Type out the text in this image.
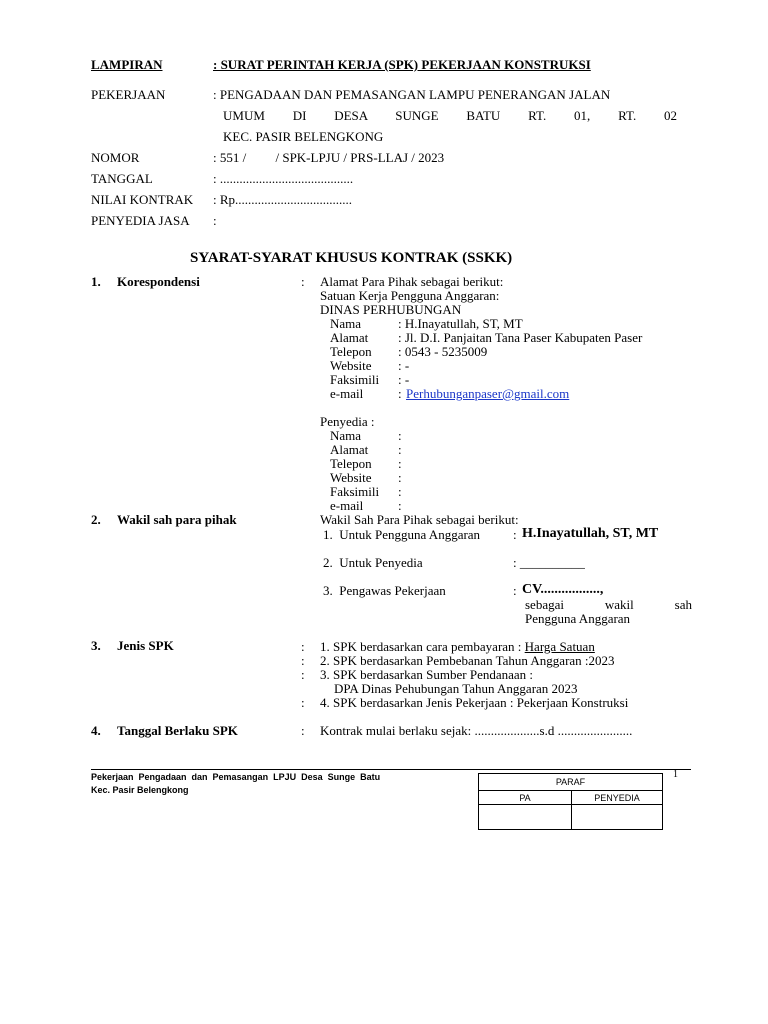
LAMPIRAN	: SURAT PERINTAH KERJA (SPK) PEKERJAAN KONSTRUKSI
PEKERJAAN	: PENGADAAN DAN PEMASANGAN LAMPU PENERANGAN JALAN
UMUM DI DESA SUNGE BATU RT. 01, RT. 02
KEC. PASIR BELENGKONG
NOMOR	: 551 /         / SPK-LPJU / PRS-LLAJ / 2023
TANGGAL	: .........................................
NILAI KONTRAK : Rp....................................
PENYEDIA JASA :
SYARAT-SYARAT KHUSUS KONTRAK (SSKK)
1. Korespondensi	: Alamat Para Pihak sebagai berikut:
Satuan Kerja Pengguna Anggaran:
DINAS PERHUBUNGAN
Nama	: H.Inayatullah, ST, MT
Alamat : Jl. D.I. Panjaitan Tana Paser Kabupaten Paser
Telepon : 0543 - 5235009
Website : -
Faksimili : -
e-mail	: Perhubunganpaser@gmail.com
Penyedia :
Nama	:
Alamat :
Telepon :
Website :
Faksimili :
e-mail	:
2. Wakil sah para pihak	Wakil Sah Para Pihak sebagai berikut:
1.  Untuk Pengguna Anggaran	: H.Inayatullah, ST, MT
2.  Untuk Penyedia	: __________
3.  Pengawas Pekerjaan	: CV.................,
sebagai wakil sah
Pengguna Anggaran
3. Jenis SPK	: 1. SPK berdasarkan cara pembayaran : Harga Satuan
: 2. SPK berdasarkan Pembebanan Tahun Anggaran :2023
: 3. SPK berdasarkan Sumber Pendanaan :
DPA Dinas Pehubungan Tahun Anggaran 2023
: 4. SPK berdasarkan Jenis Pekerjaan : Pekerjaan Konstruksi
4. Tanggal Berlaku SPK	: Kontrak mulai berlaku sejak: ....................s.d .......................
Pekerjaan  Pengadaan  dan  Pemasangan  LPJU  Desa  Sunge  Batu
Kec. Pasir Belengkong
PARAF	
PA	PENYEDIA

1
